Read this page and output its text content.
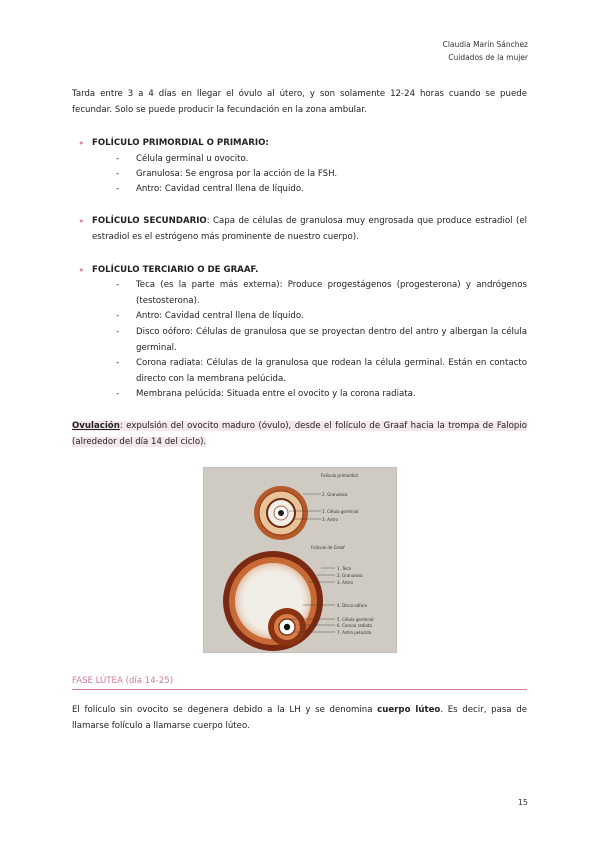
Claudia Marín Sánchez
Cuidados de la mujer
Tarda entre 3 a 4 días en llegar el óvulo al útero, y son solamente 12-24 horas cuando se puede fecundar. Solo se puede producir la fecundación en la zona ambular.
• FOLÍCULO PRIMORDIAL O PRIMARIO:
-	Célula germinal u ovocito.
-	Granulosa: Se engrosa por la acción de la FSH.
-	Antro: Cavidad central llena de líquido.
• FOLÍCULO SECUNDARIO: Capa de células de granulosa muy engrosada que produce estradiol (el estradiol es el estrógeno más prominente de nuestro cuerpo).
• FOLÍCULO TERCIARIO O DE GRAAF.
-	Teca (es la parte más externa): Produce progestágenos (progesterona) y andrógenos (testosterona).
-	Antro: Cavidad central llena de líquido.
-	Disco oóforo: Células de granulosa que se proyectan dentro del antro y albergan la célula germinal.
-	Corona radiata: Células de la granulosa que rodean la célula germinal. Están en contacto directo con la membrana pelúcida.
-	Membrana pelúcida: Situada entre el ovocito y la corona radiata.
Ovulación: expulsión del ovocito maduro (óvulo), desde el folículo de Graaf hacia la trompa de Falopio (alrededor del día 14 del ciclo).
Folículo primordial
2. Granulosa
1. Célula germinal
3. Antro
Folículo de Graaf
1. Teca
2. Granulosa
3. Antro
4. Disco oóforo
5. Célula germinal
6. Corona radiata
7. Antro pelúcida
FASE LÚTEA (día 14-25)
El folículo sin ovocito se degenera debido a la LH y se denomina cuerpo lúteo. Es decir, pasa de llamarse folículo a llamarse cuerpo lúteo.
15
